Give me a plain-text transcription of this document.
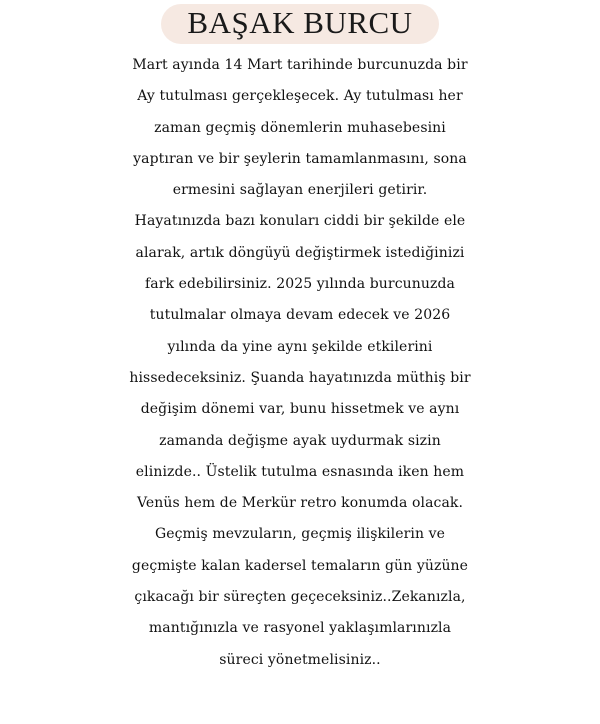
BAŞAK BURCU
Mart ayında 14 Mart tarihinde burcunuzda bir
Ay tutulması gerçekleşecek. Ay tutulması her
zaman geçmiş dönemlerin muhasebesini
yaptıran ve bir şeylerin tamamlanmasını, sona
ermesini sağlayan enerjileri getirir.
Hayatınızda bazı konuları ciddi bir şekilde ele
alarak, artık döngüyü değiştirmek istediğinizi
fark edebilirsiniz. 2025 yılında burcunuzda
tutulmalar olmaya devam edecek ve 2026
yılında da yine aynı şekilde etkilerini
hissedeceksiniz. Şuanda hayatınızda müthiş bir
değişim dönemi var, bunu hissetmek ve aynı
zamanda değişme ayak uydurmak sizin
elinizde.. Üstelik tutulma esnasında iken hem
Venüs hem de Merkür retro konumda olacak.
Geçmiş mevzuların, geçmiş ilişkilerin ve
geçmişte kalan kadersel temaların gün yüzüne
çıkacağı bir süreçten geçeceksiniz..Zekanızla,
mantığınızla ve rasyonel yaklaşımlarınızla
süreci yönetmelisiniz..
